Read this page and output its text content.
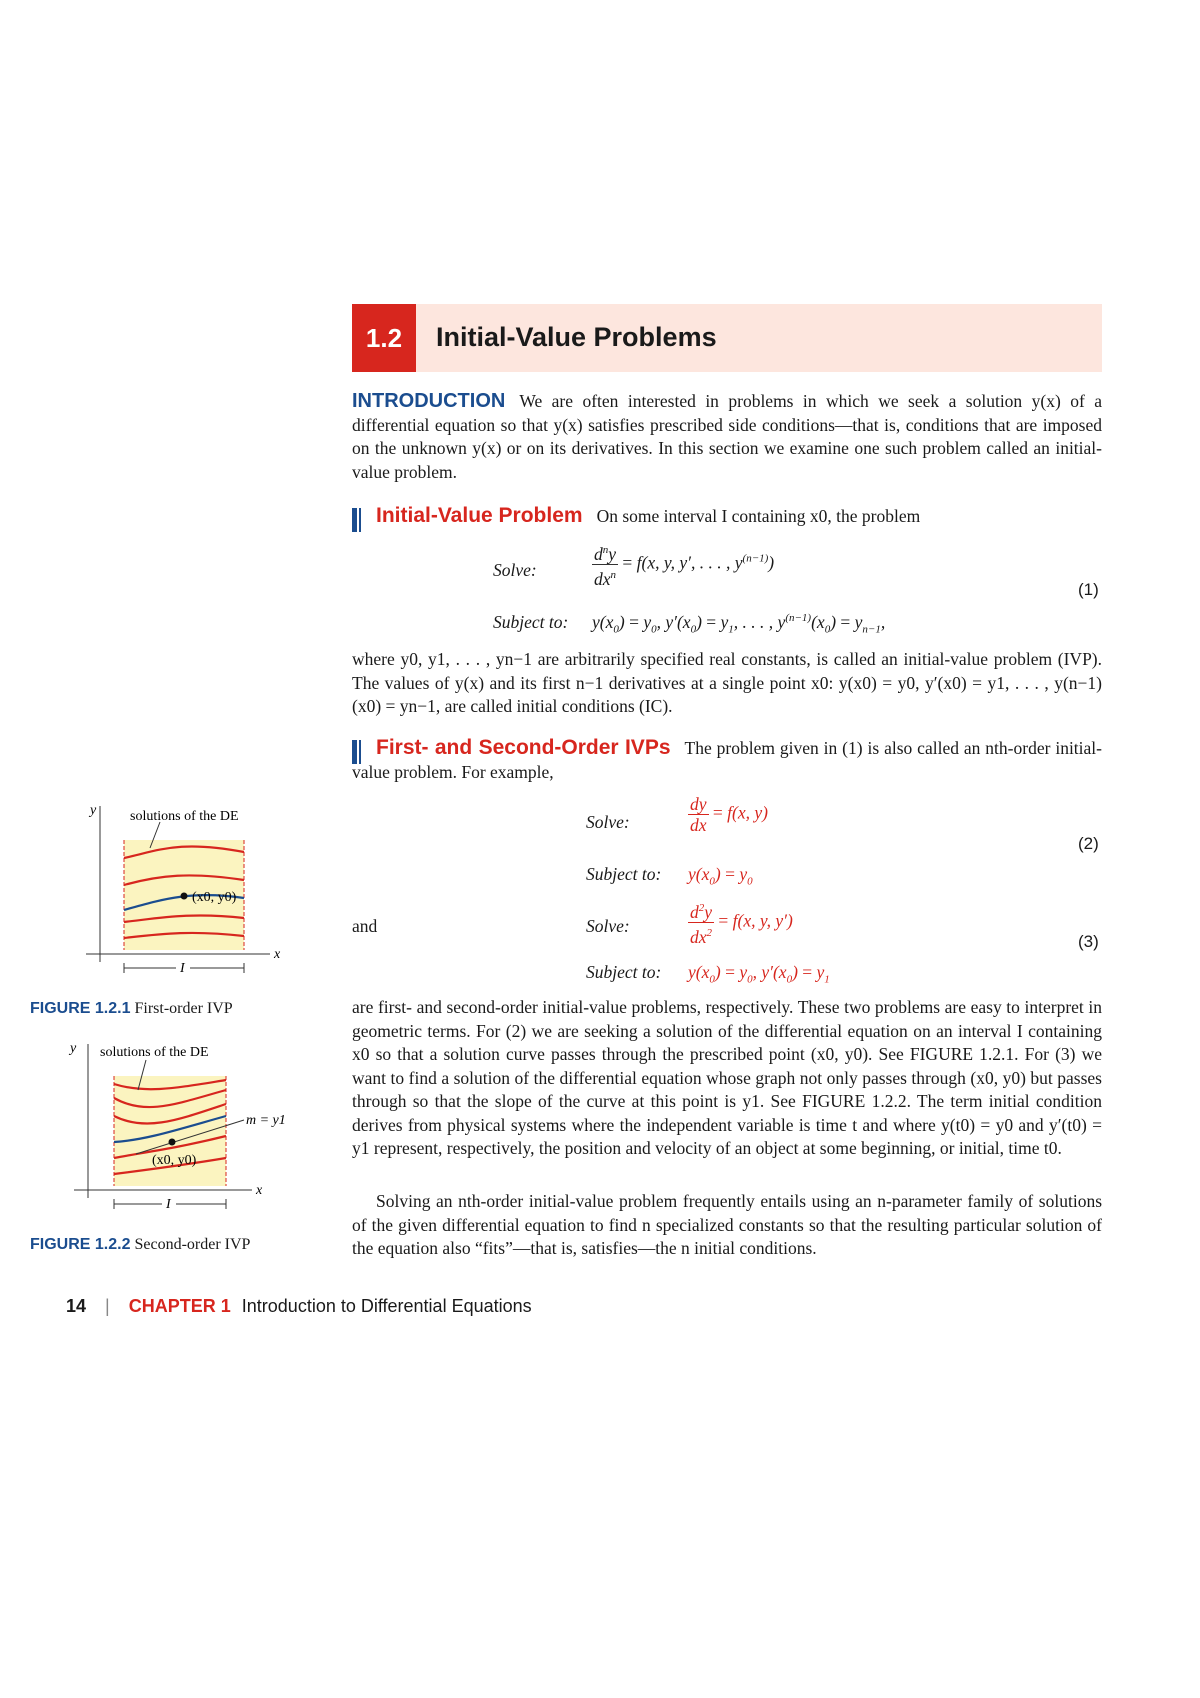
1.2	Initial-Value Problems
INTRODUCTION We are often interested in problems in which we seek a solution y(x) of a differential equation so that y(x) satisfies prescribed side conditions—that is, conditions that are imposed on the unknown y(x) or on its derivatives. In this section we examine one such problem called an initial-value problem.
Initial-Value Problem On some interval I containing x0, the problem
Solve:	$\frac{d^ny}{dx^n} = f(x$, y, y′, . . . , $y^{(n-1)}$)
(1)
Subject to: $y(x_0) = y_0$, $y'(x_0) = y_1$, . . . , $y^{(n-1)}(x_0) = y_{n-1}$,
where y0, y1, . . . , yn−1 are arbitrarily specified real constants, is called an initial-value problem (IVP). The values of y(x) and its first n−1 derivatives at a single point x0: y(x0) = y0, y′(x0) = y1, . . . , y(n−1)(x0) = yn−1, are called initial conditions (IC).
First- and Second-Order IVPs The problem given in (1) is also called an nth-order initial-value problem. For example,
Solve:	$\frac{dy}{dx} = f(x$, y)
(2)
Subject to: $y(x_0) = y_0$
and	Solve:	$\frac{d^2y}{dx^2} = f(x$, y, y′)
(3)
Subject to: $y(x_0) = y_0$, $y'(x_0) = y_1$
are first- and second-order initial-value problems, respectively. These two problems are easy to interpret in geometric terms. For (2) we are seeking a solution of the differential equation on an interval I containing x0 so that a solution curve passes through the prescribed point (x0, y0). See FIGURE 1.2.1. For (3) we want to find a solution of the differential equation whose graph not only passes through (x0, y0) but passes through so that the slope of the curve at this point is y1. See FIGURE 1.2.2. The term initial condition derives from physical systems where the independent variable is time t and where y(t0) = y0 and y′(t0) = y1 represent, respectively, the position and velocity of an object at some beginning, or initial, time t0.
Solving an nth-order initial-value problem frequently entails using an n-parameter family of solutions of the given differential equation to find n specialized constants so that the resulting particular solution of the equation also “fits”—that is, satisfies—the n initial conditions.
solutions of the DE
y
x
(x0, y0)
I
FIGURE 1.2.1 First-order IVP
solutions of the DE
y
x
(x0, y0)
m = y1
I
FIGURE 1.2.2 Second-order IVP
14 | CHAPTER 1 Introduction to Differential Equations
